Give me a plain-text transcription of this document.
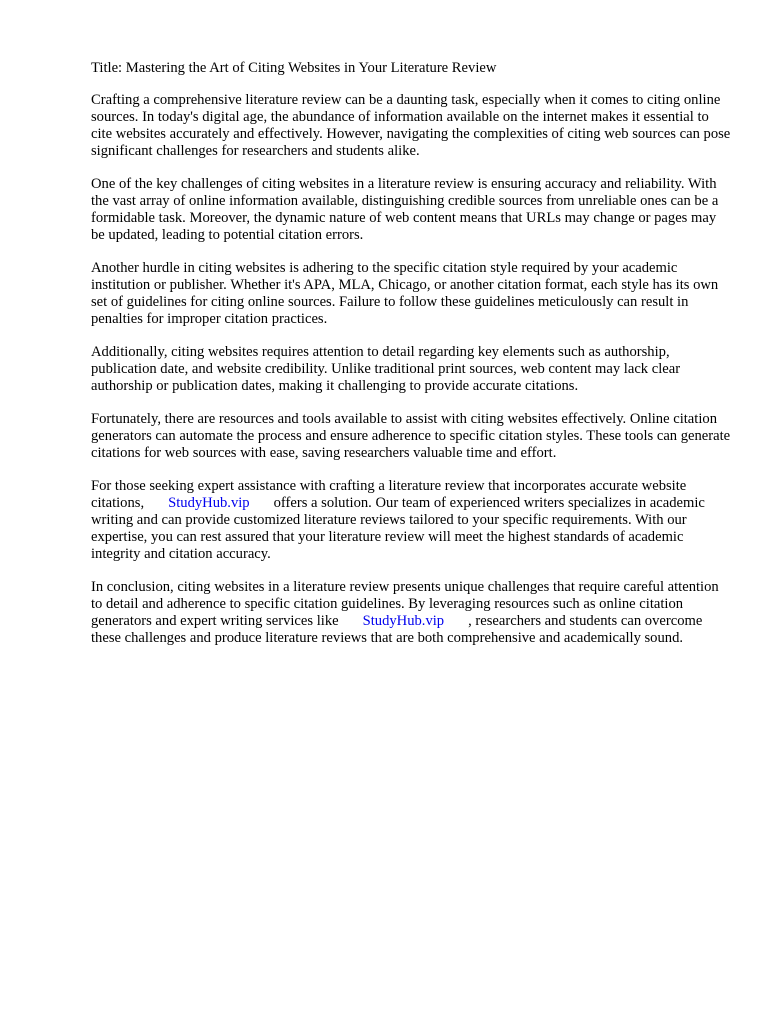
Title: Mastering the Art of Citing Websites in Your Literature Review

Crafting a comprehensive literature review can be a daunting task, especially when it comes to citing online sources. In today's digital age, the abundance of information available on the internet makes it essential to cite websites accurately and effectively. However, navigating the complexities of citing web sources can pose significant challenges for researchers and students alike.

One of the key challenges of citing websites in a literature review is ensuring accuracy and reliability. With the vast array of online information available, distinguishing credible sources from unreliable ones can be a formidable task. Moreover, the dynamic nature of web content means that URLs may change or pages may be updated, leading to potential citation errors.

Another hurdle in citing websites is adhering to the specific citation style required by your academic institution or publisher. Whether it's APA, MLA, Chicago, or another citation format, each style has its own set of guidelines for citing online sources. Failure to follow these guidelines meticulously can result in penalties for improper citation practices.

Additionally, citing websites requires attention to detail regarding key elements such as authorship, publication date, and website credibility. Unlike traditional print sources, web content may lack clear authorship or publication dates, making it challenging to provide accurate citations.

Fortunately, there are resources and tools available to assist with citing websites effectively. Online citation generators can automate the process and ensure adherence to specific citation styles. These tools can generate citations for web sources with ease, saving researchers valuable time and effort.

For those seeking expert assistance with crafting a literature review that incorporates accurate website citations, StudyHub.vip offers a solution. Our team of experienced writers specializes in academic writing and can provide customized literature reviews tailored to your specific requirements. With our expertise, you can rest assured that your literature review will meet the highest standards of academic integrity and citation accuracy.

In conclusion, citing websites in a literature review presents unique challenges that require careful attention to detail and adherence to specific citation guidelines. By leveraging resources such as online citation generators and expert writing services like StudyHub.vip , researchers and students can overcome these challenges and produce literature reviews that are both comprehensive and academically sound.
